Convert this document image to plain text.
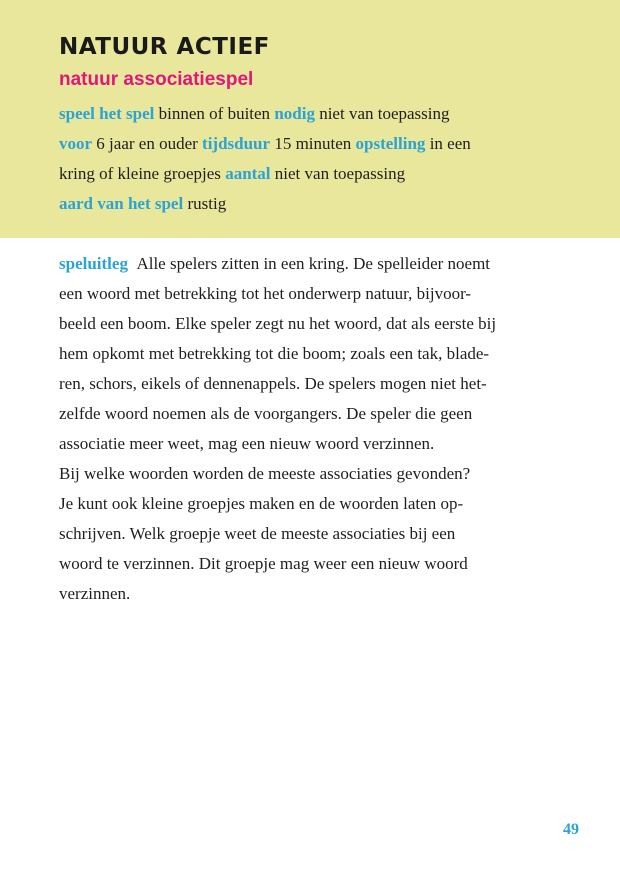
NATUUR ACTIEF
natuur associatiespel
speel het spel binnen of buiten nodig niet van toepassing
voor 6 jaar en ouder tijdsduur 15 minuten opstelling in een
kring of kleine groepjes aantal niet van toepassing
aard van het spel rustig
speluitleg Alle spelers zitten in een kring. De spelleider noemt
een woord met betrekking tot het onderwerp natuur, bijvoor-
beeld een boom. Elke speler zegt nu het woord, dat als eerste bij
hem opkomt met betrekking tot die boom; zoals een tak, blade-
ren, schors, eikels of dennenappels. De spelers mogen niet het-
zelfde woord noemen als de voorgangers. De speler die geen
associatie meer weet, mag een nieuw woord verzinnen.
Bij welke woorden worden de meeste associaties gevonden?
Je kunt ook kleine groepjes maken en de woorden laten op-
schrijven. Welk groepje weet de meeste associaties bij een
woord te verzinnen. Dit groepje mag weer een nieuw woord
verzinnen.
49
